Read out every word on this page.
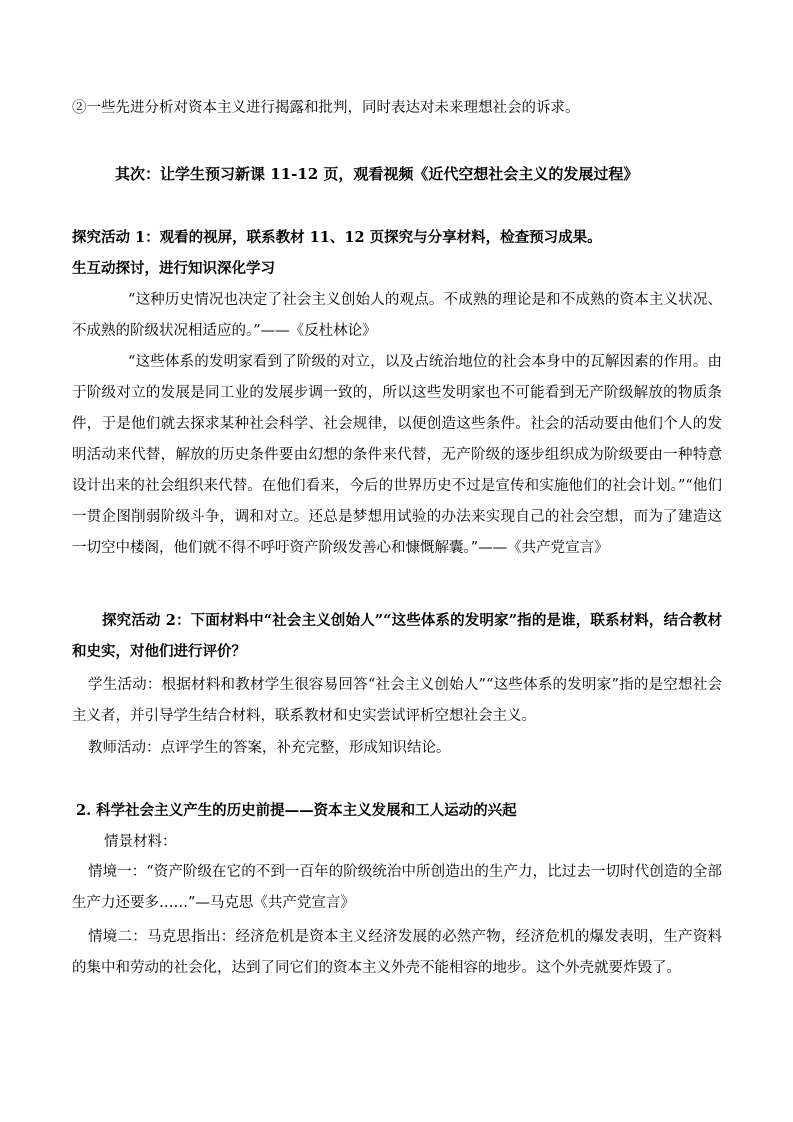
②一些先进分析对资本主义进行揭露和批判，同时表达对未来理想社会的诉求。
其次：让学生预习新课 11-12 页，观看视频《近代空想社会主义的发展过程》
探究活动 1：观看的视屏，联系教材 11、12 页探究与分享材料，检查预习成果。
生互动探讨，进行知识深化学习
“这种历史情况也决定了社会主义创始人的观点。不成熟的理论是和不成熟的资本主义状况、不成熟的阶级状况相适应的。”——《反杜林论》
“这些体系的发明家看到了阶级的对立，以及占统治地位的社会本身中的瓦解因素的作用。由于阶级对立的发展是同工业的发展步调一致的，所以这些发明家也不可能看到无产阶级解放的物质条件，于是他们就去探求某种社会科学、社会规律，以便创造这些条件。社会的活动要由他们个人的发明活动来代替，解放的历史条件要由幻想的条件来代替，无产阶级的逐步组织成为阶级要由一种特意设计出来的社会组织来代替。在他们看来，今后的世界历史不过是宣传和实施他们的社会计划。”“他们一贯企图削弱阶级斗争，调和对立。还总是梦想用试验的办法来实现自己的社会空想，而为了建造这一切空中楼阁，他们就不得不呼吁资产阶级发善心和慷慨解囊。”——《共产党宣言》
探究活动 2：下面材料中“社会主义创始人”“这些体系的发明家”指的是谁，联系材料，结合教材和史实，对他们进行评价？
学生活动：根据材料和教材学生很容易回答“社会主义创始人”“这些体系的发明家”指的是空想社会主义者，并引导学生结合材料，联系教材和史实尝试评析空想社会主义。
教师活动：点评学生的答案，补充完整，形成知识结论。
2. 科学社会主义产生的历史前提——资本主义发展和工人运动的兴起
情景材料：
情境一：“资产阶级在它的不到一百年的阶级统治中所创造出的生产力，比过去一切时代创造的全部生产力还要多……”—马克思《共产党宣言》
情境二：马克思指出：经济危机是资本主义经济发展的必然产物，经济危机的爆发表明，生产资料的集中和劳动的社会化，达到了同它们的资本主义外壳不能相容的地步。这个外壳就要炸毁了。
